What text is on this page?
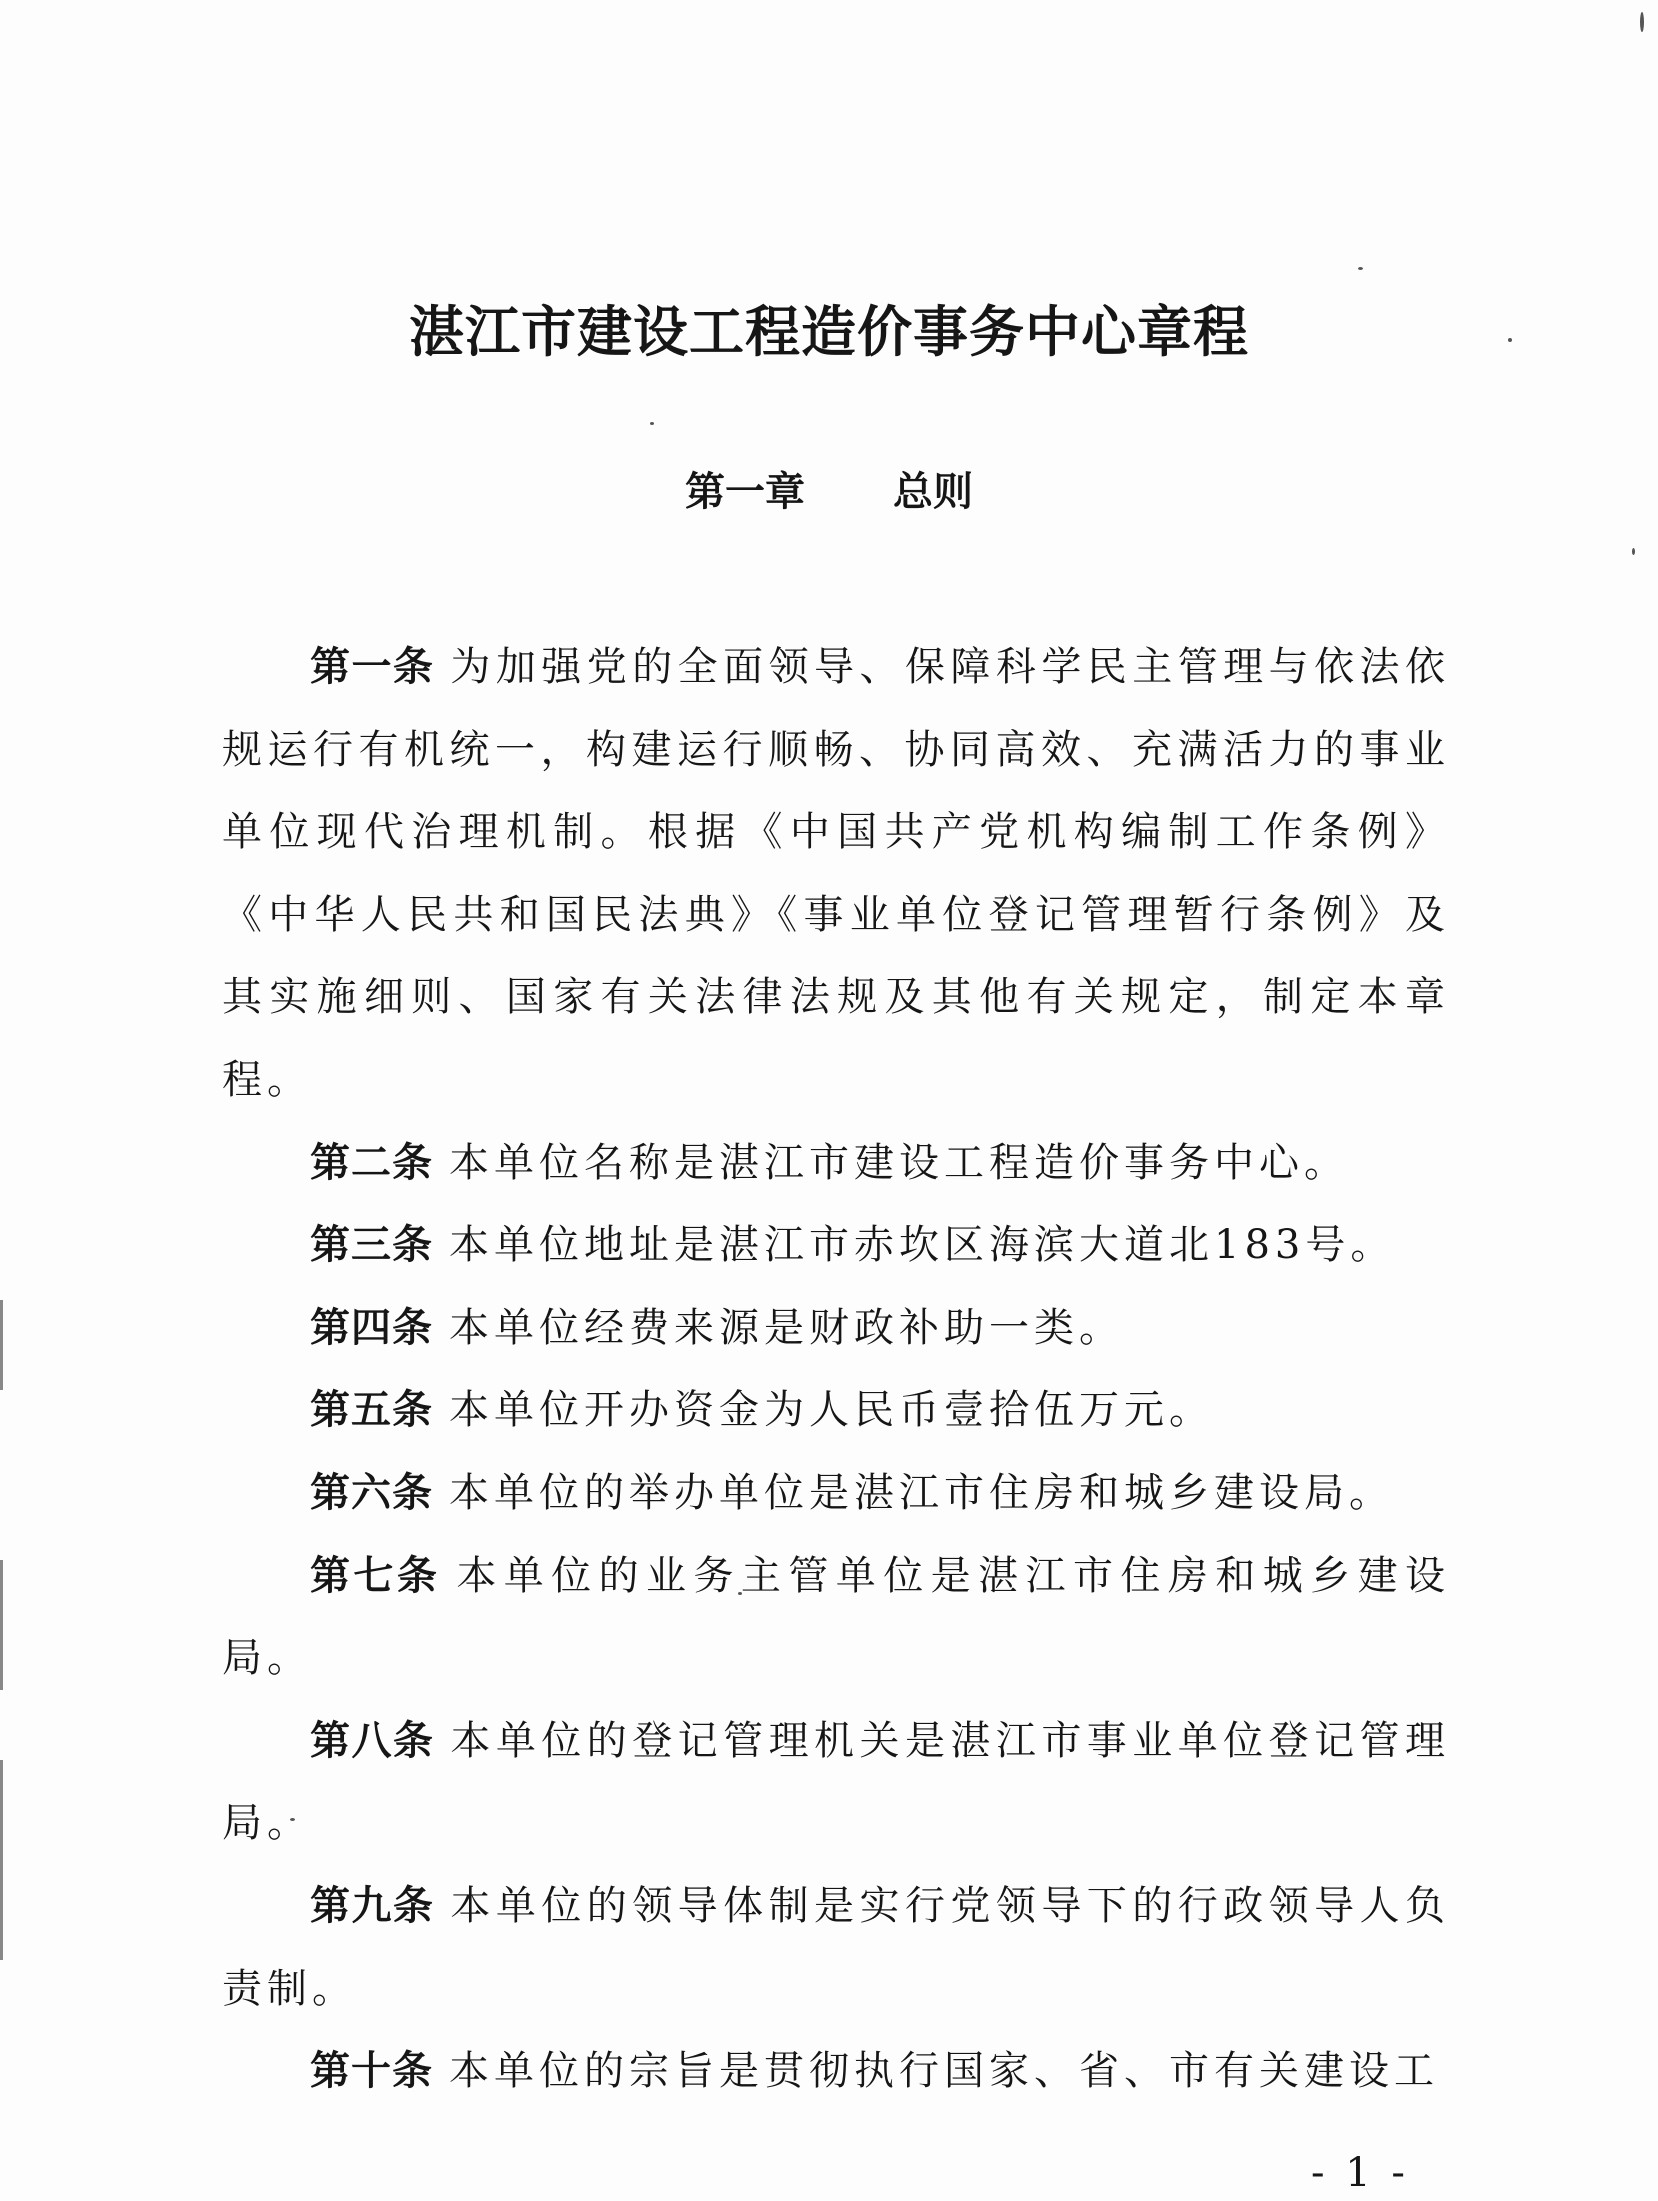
湛江市建设工程造价事务中心章程
第一章 总则

第一条 为加强党的全面领导、保障科学民主管理与依法依规运行有机统一，构建运行顺畅、协同高效、充满活力的事业单位现代治理机制。根据《中国共产党机构编制工作条例》《中华人民共和国民法典》《事业单位登记管理暂行条例》及其实施细则、国家有关法律法规及其他有关规定，制定本章程。

第二条 本单位名称是湛江市建设工程造价事务中心。

第三条 本单位地址是湛江市赤坎区海滨大道北183号。

第四条 本单位经费来源是财政补助一类。

第五条 本单位开办资金为人民币壹拾伍万元。

第六条 本单位的举办单位是湛江市住房和城乡建设局。

第七条 本单位的业务主管单位是湛江市住房和城乡建设局。

第八条 本单位的登记管理机关是湛江市事业单位登记管理局。

第九条 本单位的领导体制是实行党领导下的行政领导人负责制。

第十条 本单位的宗旨是贯彻执行国家、省、市有关建设工

- 1 -
